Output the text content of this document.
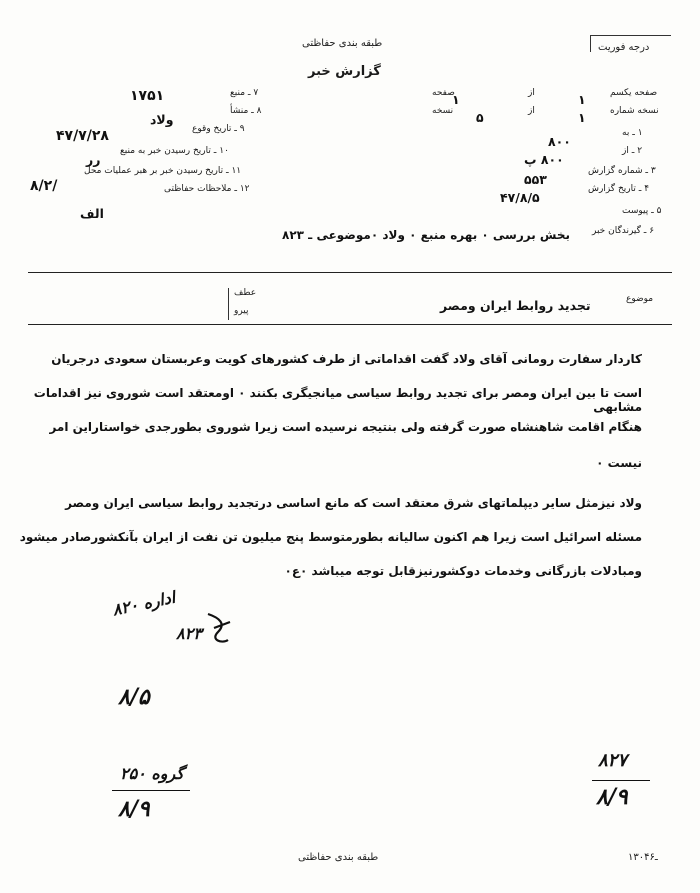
طبقه بندی حفاظتی
گزارش خبر
درجه فوریت
صفحه یکسم
نسخه شماره
۱
۱
از
از
صفحه
نسخه
۱
۵
۱ ـ به
۸۰۰
۲ ـ از
۸۰۰ پ
۳ ـ شماره گزارش
۵۵۳
۴ ـ تاریخ گزارش
۴۷/۸/۵
۵ ـ پیوست
۶ ـ گیرندگان خبر
بخش بررسی ۰ بهره منبع ۰ ولاد ۰موضوعی ـ ۸۲۳
۷ ـ منبع
۱۷۵۱
۸ ـ منشأ
ولاد
۹ ـ تاریخ وقوع
۴۷/۷/۲۸
۱۰ ـ تاریخ رسیدن خبر به منبع
رر
۱۱ ـ تاریخ رسیدن خبر بر هبر عملیات محل
۸/۲/	۱۲ ـ ملاحظات حفاظتی
الف
عطف
پیرو
موضوع
تجدید روابط ایران ومصر
کاردار سفارت رومانی آقای ولاد گفت اقداماتی از طرف کشورهای کویت وعربستان سعودی درجریان
است تا بین ایران ومصر برای تجدید روابط سیاسی میانجیگری بکنند ۰ اومعتقد است شوروی نیز اقدامات مشابهی
هنگام اقامت شاهنشاه صورت گرفته ولی بنتیجه نرسیده است زیرا شوروی بطورجدی خواستاراین امر
نیست ۰
ولاد نیزمثل سایر دیپلماتهای شرق معتقد است که مانع اساسی درتجدید روابط سیاسی ایران ومصر
مسئله اسرائیل است زیرا هم اکنون سالیانه بطورمتوسط پنج میلیون تن نفت از ایران بآنکشورصادر میشود
ومبادلات بازرگانی وخدمات دوکشورنیزقابل توجه میباشد ۰ع۰
اداره ۸۲۰
۸۲۳
۸/۵
گروه ۲۵۰
۸/۹
۸۲۷
۸/۹
طبقه بندی حفاظتی	۱۳۰ـ۴۶
